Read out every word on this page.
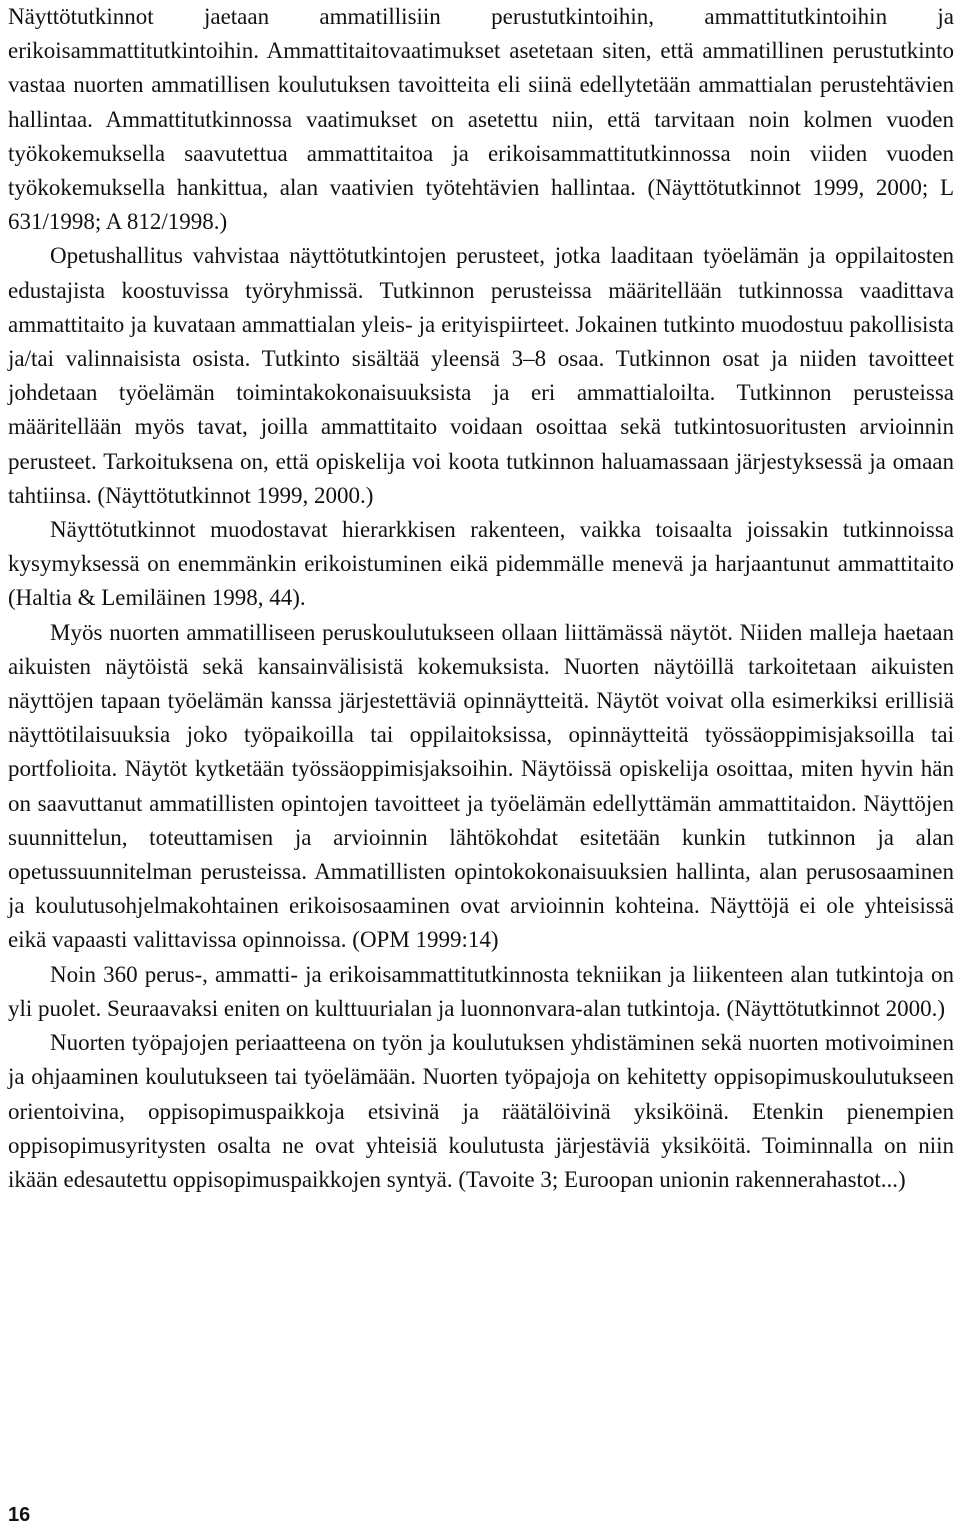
Näyttötutkinnot jaetaan ammatillisiin perustutkintoihin, ammattitutkintoihin ja erikoisammattitutkintoihin. Ammattitaitovaatimukset asetetaan siten, että ammatillinen perustutkinto vastaa nuorten ammatillisen koulutuksen tavoitteita eli siinä edellytetään ammattialan perustehtävien hallintaa. Ammattitutkinnossa vaatimukset on asetettu niin, että tarvitaan noin kolmen vuoden työkokemuksella saavutettua ammattitaitoa ja erikoisammattitutkinnossa noin viiden vuoden työkokemuksella hankittua, alan vaativien työtehtävien hallintaa. (Näyttötutkinnot 1999, 2000; L 631/1998; A 812/1998.)

Opetushallitus vahvistaa näyttötutkintojen perusteet, jotka laaditaan työelämän ja oppilaitosten edustajista koostuvissa työryhmissä. Tutkinnon perusteissa määritellään tutkinnossa vaadittava ammattitaito ja kuvataan ammattialan yleis- ja erityispiirteet. Jokainen tutkinto muodostuu pakollisista ja/tai valinnaisista osista. Tutkinto sisältää yleensä 3–8 osaa. Tutkinnon osat ja niiden tavoitteet johdetaan työelämän toimintakokonaisuuksista ja eri ammattialoilta. Tutkinnon perusteissa määritellään myös tavat, joilla ammattitaito voidaan osoittaa sekä tutkintosuoritusten arvioinnin perusteet. Tarkoituksena on, että opiskelija voi koota tutkinnon haluamassaan järjestyksessä ja omaan tahtiinsa. (Näyttötutkinnot 1999, 2000.)

Näyttötutkinnot muodostavat hierarkkisen rakenteen, vaikka toisaalta joissakin tutkinnoissa kysymyksessä on enemmänkin erikoistuminen eikä pidemmälle menevä ja harjaantunut ammattitaito (Haltia & Lemiläinen 1998, 44).

Myös nuorten ammatilliseen peruskoulutukseen ollaan liittämässä näytöt. Niiden malleja haetaan aikuisten näytöistä sekä kansainvälisistä kokemuksista. Nuorten näytöillä tarkoitetaan aikuisten näyttöjen tapaan työelämän kanssa järjestettäviä opinnäytteitä. Näytöt voivat olla esimerkiksi erillisiä näyttötilaisuuksia joko työpaikoilla tai oppilaitoksissa, opinnäytteitä työssäoppimisjaksoilla tai portfolioita. Näytöt kytketään työssäoppimisjaksoihin. Näytöissä opiskelija osoittaa, miten hyvin hän on saavuttanut ammatillisten opintojen tavoitteet ja työelämän edellyttämän ammattitaidon. Näyttöjen suunnittelun, toteuttamisen ja arvioinnin lähtökohdat esitetään kunkin tutkinnon ja alan opetussuunnitelman perusteissa. Ammatillisten opintokokonaisuuksien hallinta, alan perusosaaminen ja koulutusohjelmakohtainen erikoisosaaminen ovat arvioinnin kohteina. Näyttöjä ei ole yhteisissä eikä vapaasti valittavissa opinnoissa. (OPM 1999:14)

Noin 360 perus-, ammatti- ja erikoisammattitutkinnosta tekniikan ja liikenteen alan tutkintoja on yli puolet. Seuraavaksi eniten on kulttuurialan ja luonnonvara-alan tutkintoja. (Näyttötutkinnot 2000.)

Nuorten työpajojen periaatteena on työn ja koulutuksen yhdistäminen sekä nuorten motivoiminen ja ohjaaminen koulutukseen tai työelämään. Nuorten työpajoja on kehitetty oppisopimuskoulutukseen orientoivina, oppisopimuspaikkoja etsivinä ja räätälöivinä yksiköinä. Etenkin pienempien oppisopimusyritysten osalta ne ovat yhteisiä koulutusta järjestäviä yksiköitä. Toiminnalla on niin ikään edesautettu oppisopimuspaikkojen syntyä. (Tavoite 3; Euroopan unionin rakennerahastot...)

16
